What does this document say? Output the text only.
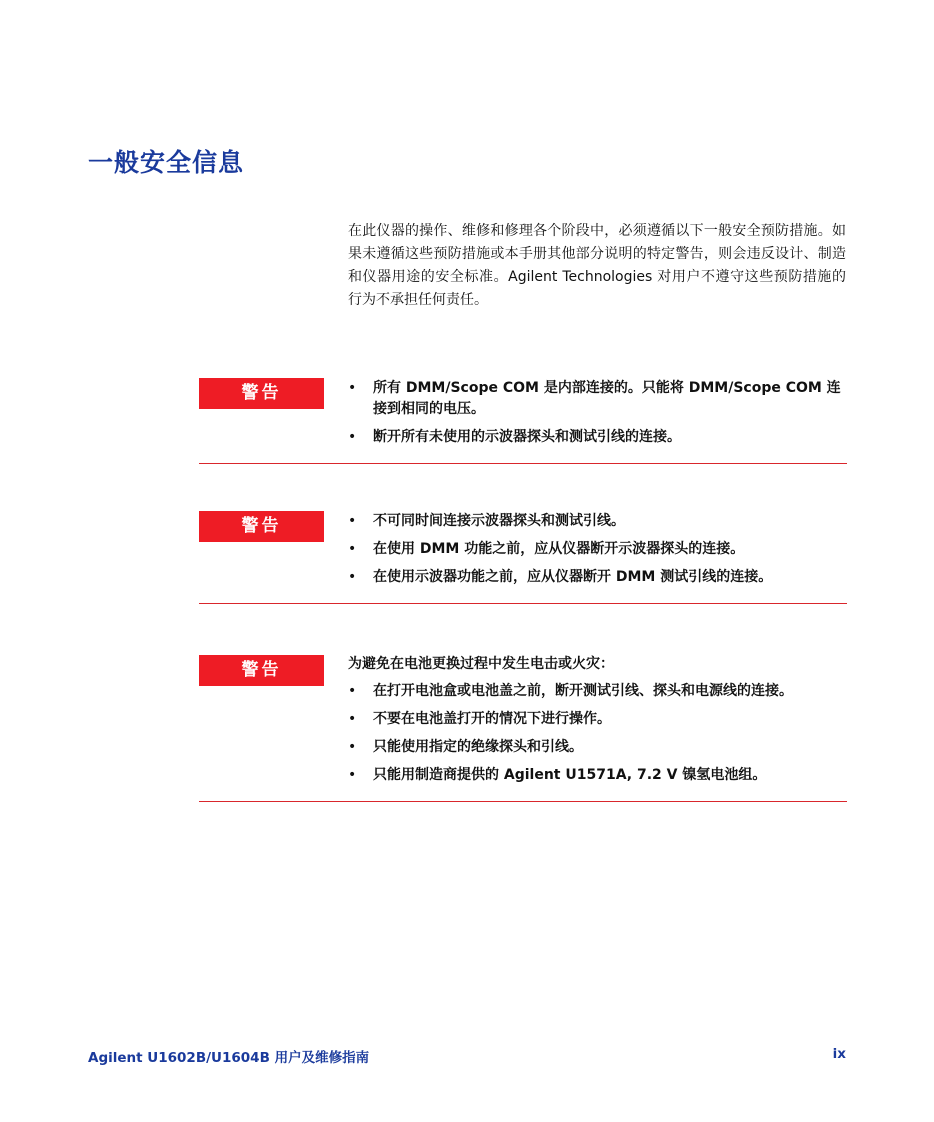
一般安全信息

在此仪器的操作、维修和修理各个阶段中，必须遵循以下一般安全预防措施。如果未遵循这些预防措施或本手册其他部分说明的特定警告，则会违反设计、制造和仪器用途的安全标准。Agilent Technologies 对用户不遵守这些预防措施的行为不承担任何责任。

警告	• 所有 DMM/Scope COM 是内部连接的。只能将 DMM/Scope COM 连接到相同的电压。
• 断开所有未使用的示波器探头和测试引线的连接。
警告	• 不可同时间连接示波器探头和测试引线。
• 在使用 DMM 功能之前，应从仪器断开示波器探头的连接。
• 在使用示波器功能之前，应从仪器断开 DMM 测试引线的连接。
警告	为避免在电池更换过程中发生电击或火灾：

• 在打开电池盒或电池盖之前，断开测试引线、探头和电源线的连接。
• 不要在电池盖打开的情况下进行操作。
• 只能使用指定的绝缘探头和引线。
• 只能用制造商提供的 Agilent U1571A, 7.2 V 镍氢电池组。
Agilent U1602B/U1604B 用户及维修指南	ix
